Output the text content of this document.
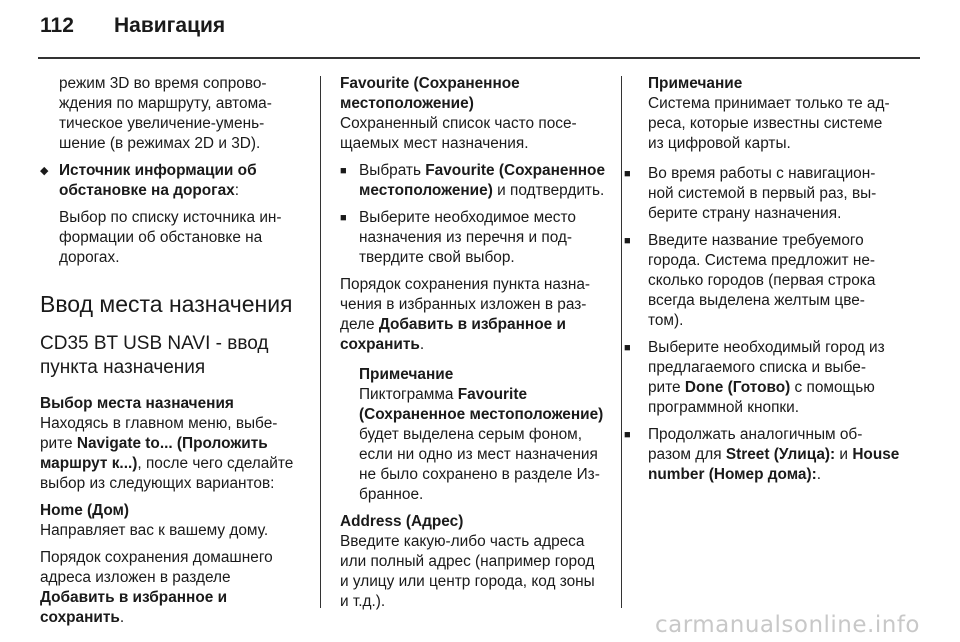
112 Навигация

режим 3D во время сопрово-

ждения по маршруту, автома-

тическое увеличение-умень-

шение (в режимах 2D и 3D).

◆ Источник информации об

обстановке на дорогах:

Выбор по списку источника ин-

формации об обстановке на

дорогах.

Ввод места назначения

CD35 BT USB NAVI - ввод

пункта назначения

Выбор места назначения

Находясь в главном меню, выбе-

рите Navigate to... (Проложить

маршрут к...), после чего сделайте

выбор из следующих вариантов:

Home (Дом)

Направляет вас к вашему дому.

Порядок сохранения домашнего

адреса изложен в разделе

Добавить в избранное и сохранить.

Favourite (Сохраненное

местоположение)

Сохраненный список часто посе-

щаемых мест назначения.

■ Выбрать Favourite (Сохраненное

местоположение) и подтвердить.

■ Выберите необходимое место

назначения из перечня и под-

твердите свой выбор.

Порядок сохранения пункта назна-

чения в избранных изложен в раз-

деле Добавить в избранное и

сохранить.

Примечание

Пиктограмма Favourite

(Сохраненное местоположение)

будет выделена серым фоном,

если ни одно из мест назначения

не было сохранено в разделе Из-

бранное.

Address (Адрес)

Введите какую-либо часть адреса

или полный адрес (например город

и улицу или центр города, код зоны

и т.д.).

Примечание

Система принимает только те ад-

реса, которые известны системе

из цифровой карты.

■	Во время работы с навигацион-

ной системой в первый раз, вы-

берите страну назначения.

■	Введите название требуемого

города. Система предложит не-

сколько городов (первая строка

всегда выделена желтым цве-

том).

■	Выберите необходимый город из

предлагаемого списка и выбе-

рите Done (Готово) с помощью

программной кнопки.

■	Продолжать аналогичным об-

разом для Street (Улица): и House

number (Номер дома):.

carmanualsonline.info
